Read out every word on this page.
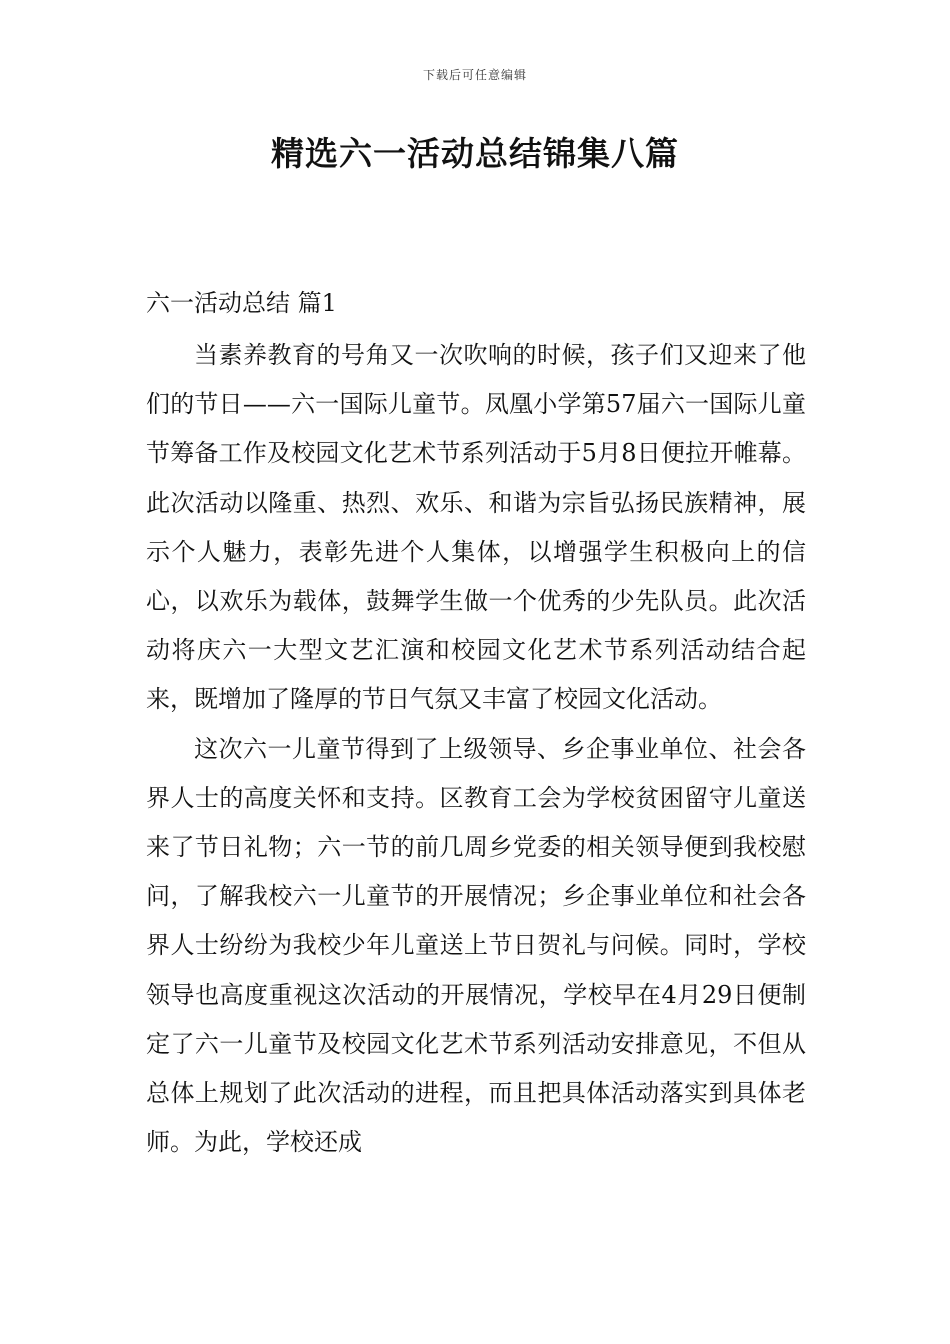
下载后可任意编辑
精选六一活动总结锦集八篇
六一活动总结 篇1

当素养教育的号角又一次吹响的时候，孩子们又迎来了他们的节日——六一国际儿童节。凤凰小学第57届六一国际儿童节筹备工作及校园文化艺术节系列活动于5月8日便拉开帷幕。此次活动以隆重、热烈、欢乐、和谐为宗旨弘扬民族精神，展示个人魅力，表彰先进个人集体，以增强学生积极向上的信心，以欢乐为载体，鼓舞学生做一个优秀的少先队员。此次活动将庆六一大型文艺汇演和校园文化艺术节系列活动结合起来，既增加了隆厚的节日气氛又丰富了校园文化活动。

这次六一儿童节得到了上级领导、乡企事业单位、社会各界人士的高度关怀和支持。区教育工会为学校贫困留守儿童送来了节日礼物；六一节的前几周乡党委的相关领导便到我校慰问，了解我校六一儿童节的开展情况；乡企事业单位和社会各界人士纷纷为我校少年儿童送上节日贺礼与问候。同时，学校领导也高度重视这次活动的开展情况，学校早在4月29日便制定了六一儿童节及校园文化艺术节系列活动安排意见，不但从总体上规划了此次活动的进程，而且把具体活动落实到具体老师。为此，学校还成
